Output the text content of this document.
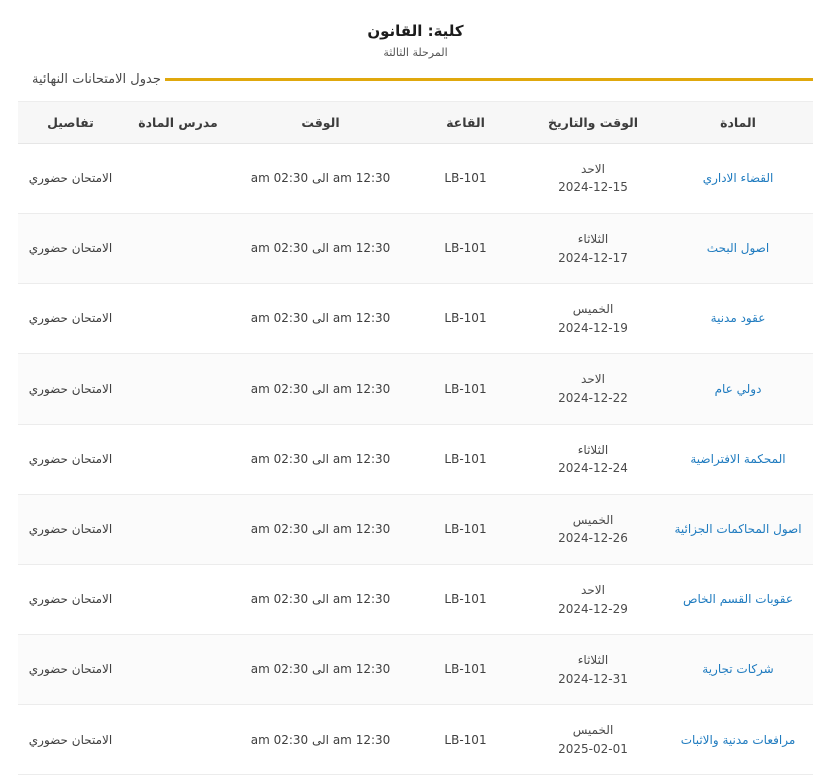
كلية: القانون
المرحلة الثالثة
جدول الامتحانات النهائية
المادة	الوقت والتاريخ	القاعة	الوقت	مدرس المادة	تفاصيل
القضاء الاداري	الاحد
2024-12-15	LB-101	12:30 am الى 02:30 am		الامتحان حضوري
اصول البحث	الثلاثاء
2024-12-17	LB-101	12:30 am الى 02:30 am		الامتحان حضوري
عقود مدنية	الخميس
2024-12-19	LB-101	12:30 am الى 02:30 am		الامتحان حضوري
دولي عام	الاحد
2024-12-22	LB-101	12:30 am الى 02:30 am		الامتحان حضوري
المحكمة الافتراضية	الثلاثاء
2024-12-24	LB-101	12:30 am الى 02:30 am		الامتحان حضوري
اصول المحاكمات الجزائية	الخميس
2024-12-26	LB-101	12:30 am الى 02:30 am		الامتحان حضوري
عقوبات القسم الخاص	الاحد
2024-12-29	LB-101	12:30 am الى 02:30 am		الامتحان حضوري
شركات تجارية	الثلاثاء
2024-12-31	LB-101	12:30 am الى 02:30 am		الامتحان حضوري
مرافعات مدنية والاثبات	الخميس
2025-02-01	LB-101	12:30 am الى 02:30 am		الامتحان حضوري
